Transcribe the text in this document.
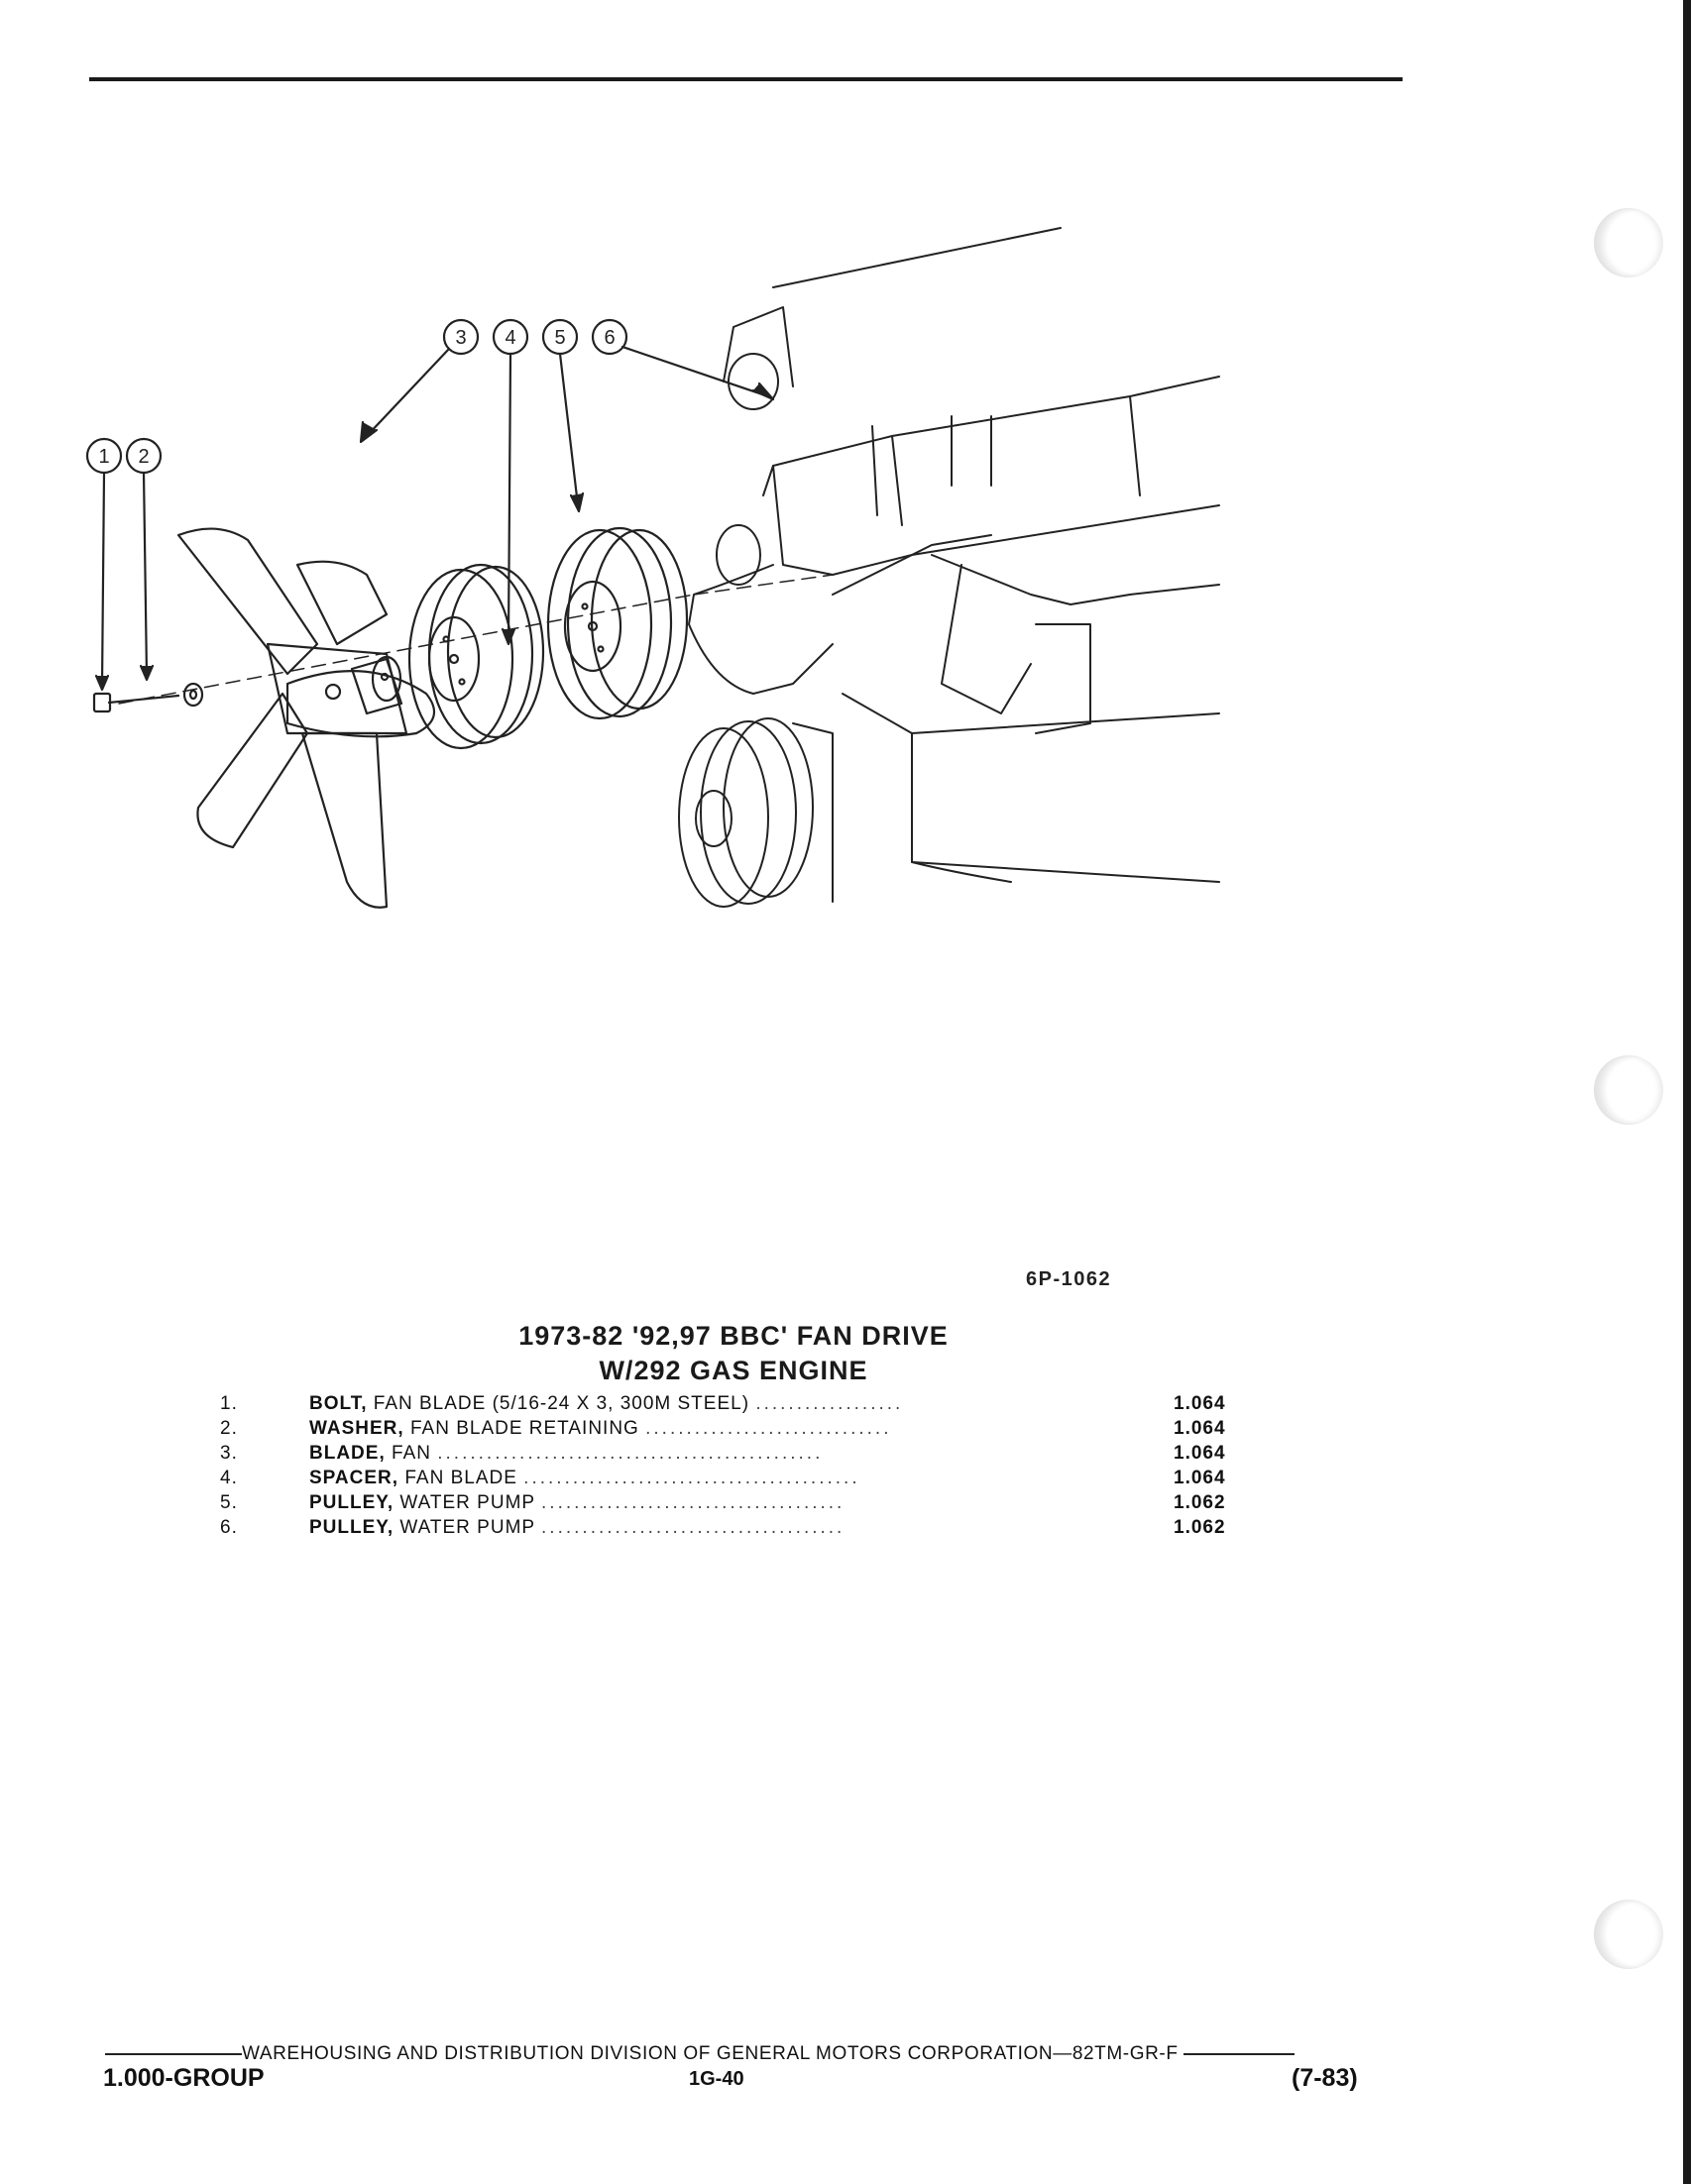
1 2
3 4 5 6
6P-1062
1973-82 '92,97 BBC' FAN DRIVE
W/292 GAS ENGINE
1.	BOLT, FAN BLADE (5/16-24 X 3, 300M STEEL) ..................	1.064
2.	WASHER, FAN BLADE RETAINING ..............................	1.064
3.	BLADE, FAN ...............................................	1.064
4.	SPACER, FAN BLADE .........................................	1.064
5.	PULLEY, WATER PUMP .....................................	1.062
6.	PULLEY, WATER PUMP .....................................	1.062
WAREHOUSING AND DISTRIBUTION DIVISION OF GENERAL MOTORS CORPORATION—82TM-GR-F
1.000-GROUP	1G-40	(7-83)
